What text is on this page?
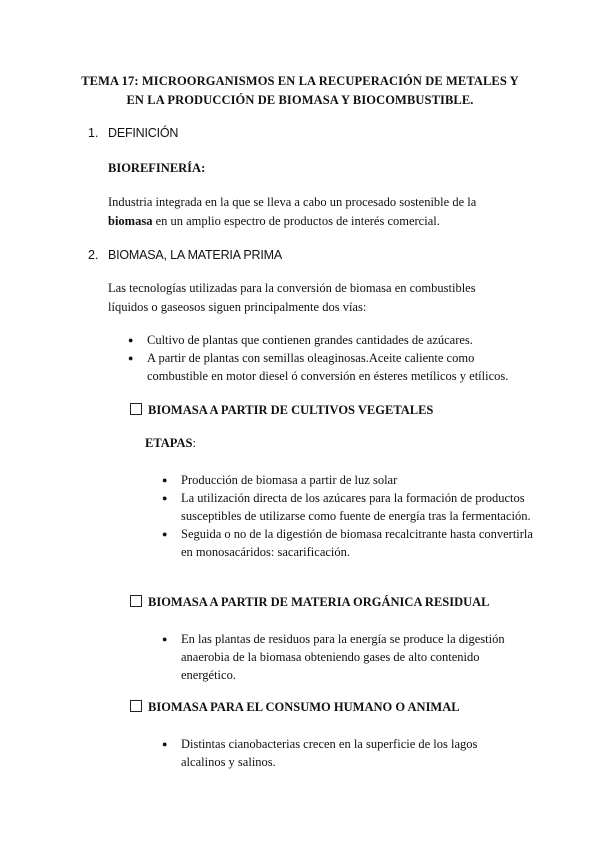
TEMA 17: MICROORGANISMOS EN LA RECUPERACIÓN DE METALES Y
EN LA PRODUCCIÓN DE BIOMASA Y BIOCOMBUSTIBLE.
1. DEFINICIÓN
BIOREFINERÍA:
Industria integrada en la que se lleva a cabo un procesado sostenible de la biomasa en un amplio espectro de productos de interés comercial.
2. BIOMASA, LA MATERIA PRIMA
Las tecnologías utilizadas para la conversión de biomasa en combustibles líquidos o gaseosos siguen principalmente dos vías:
● Cultivo de plantas que contienen grandes cantidades de azúcares.
● A partir de plantas con semillas oleaginosas.Aceite caliente como combustible en motor diesel ó conversión en ésteres metílicos y etílicos.
BIOMASA A PARTIR DE CULTIVOS VEGETALES
ETAPAS:
● Producción de biomasa a partir de luz solar
● La utilización directa de los azúcares para la formación de productos susceptibles de utilizarse como fuente de energía tras la fermentación.
● Seguida o no de la digestión de biomasa recalcitrante hasta convertirla en monosacáridos: sacarificación.
BIOMASA A PARTIR DE MATERIA ORGÁNICA RESIDUAL
● En las plantas de residuos para la energía se produce la digestión anaerobia de la biomasa obteniendo gases de alto contenido energético.
BIOMASA PARA EL CONSUMO HUMANO O ANIMAL
● Distintas cianobacterias crecen en la superficie de los lagos alcalinos y salinos.
